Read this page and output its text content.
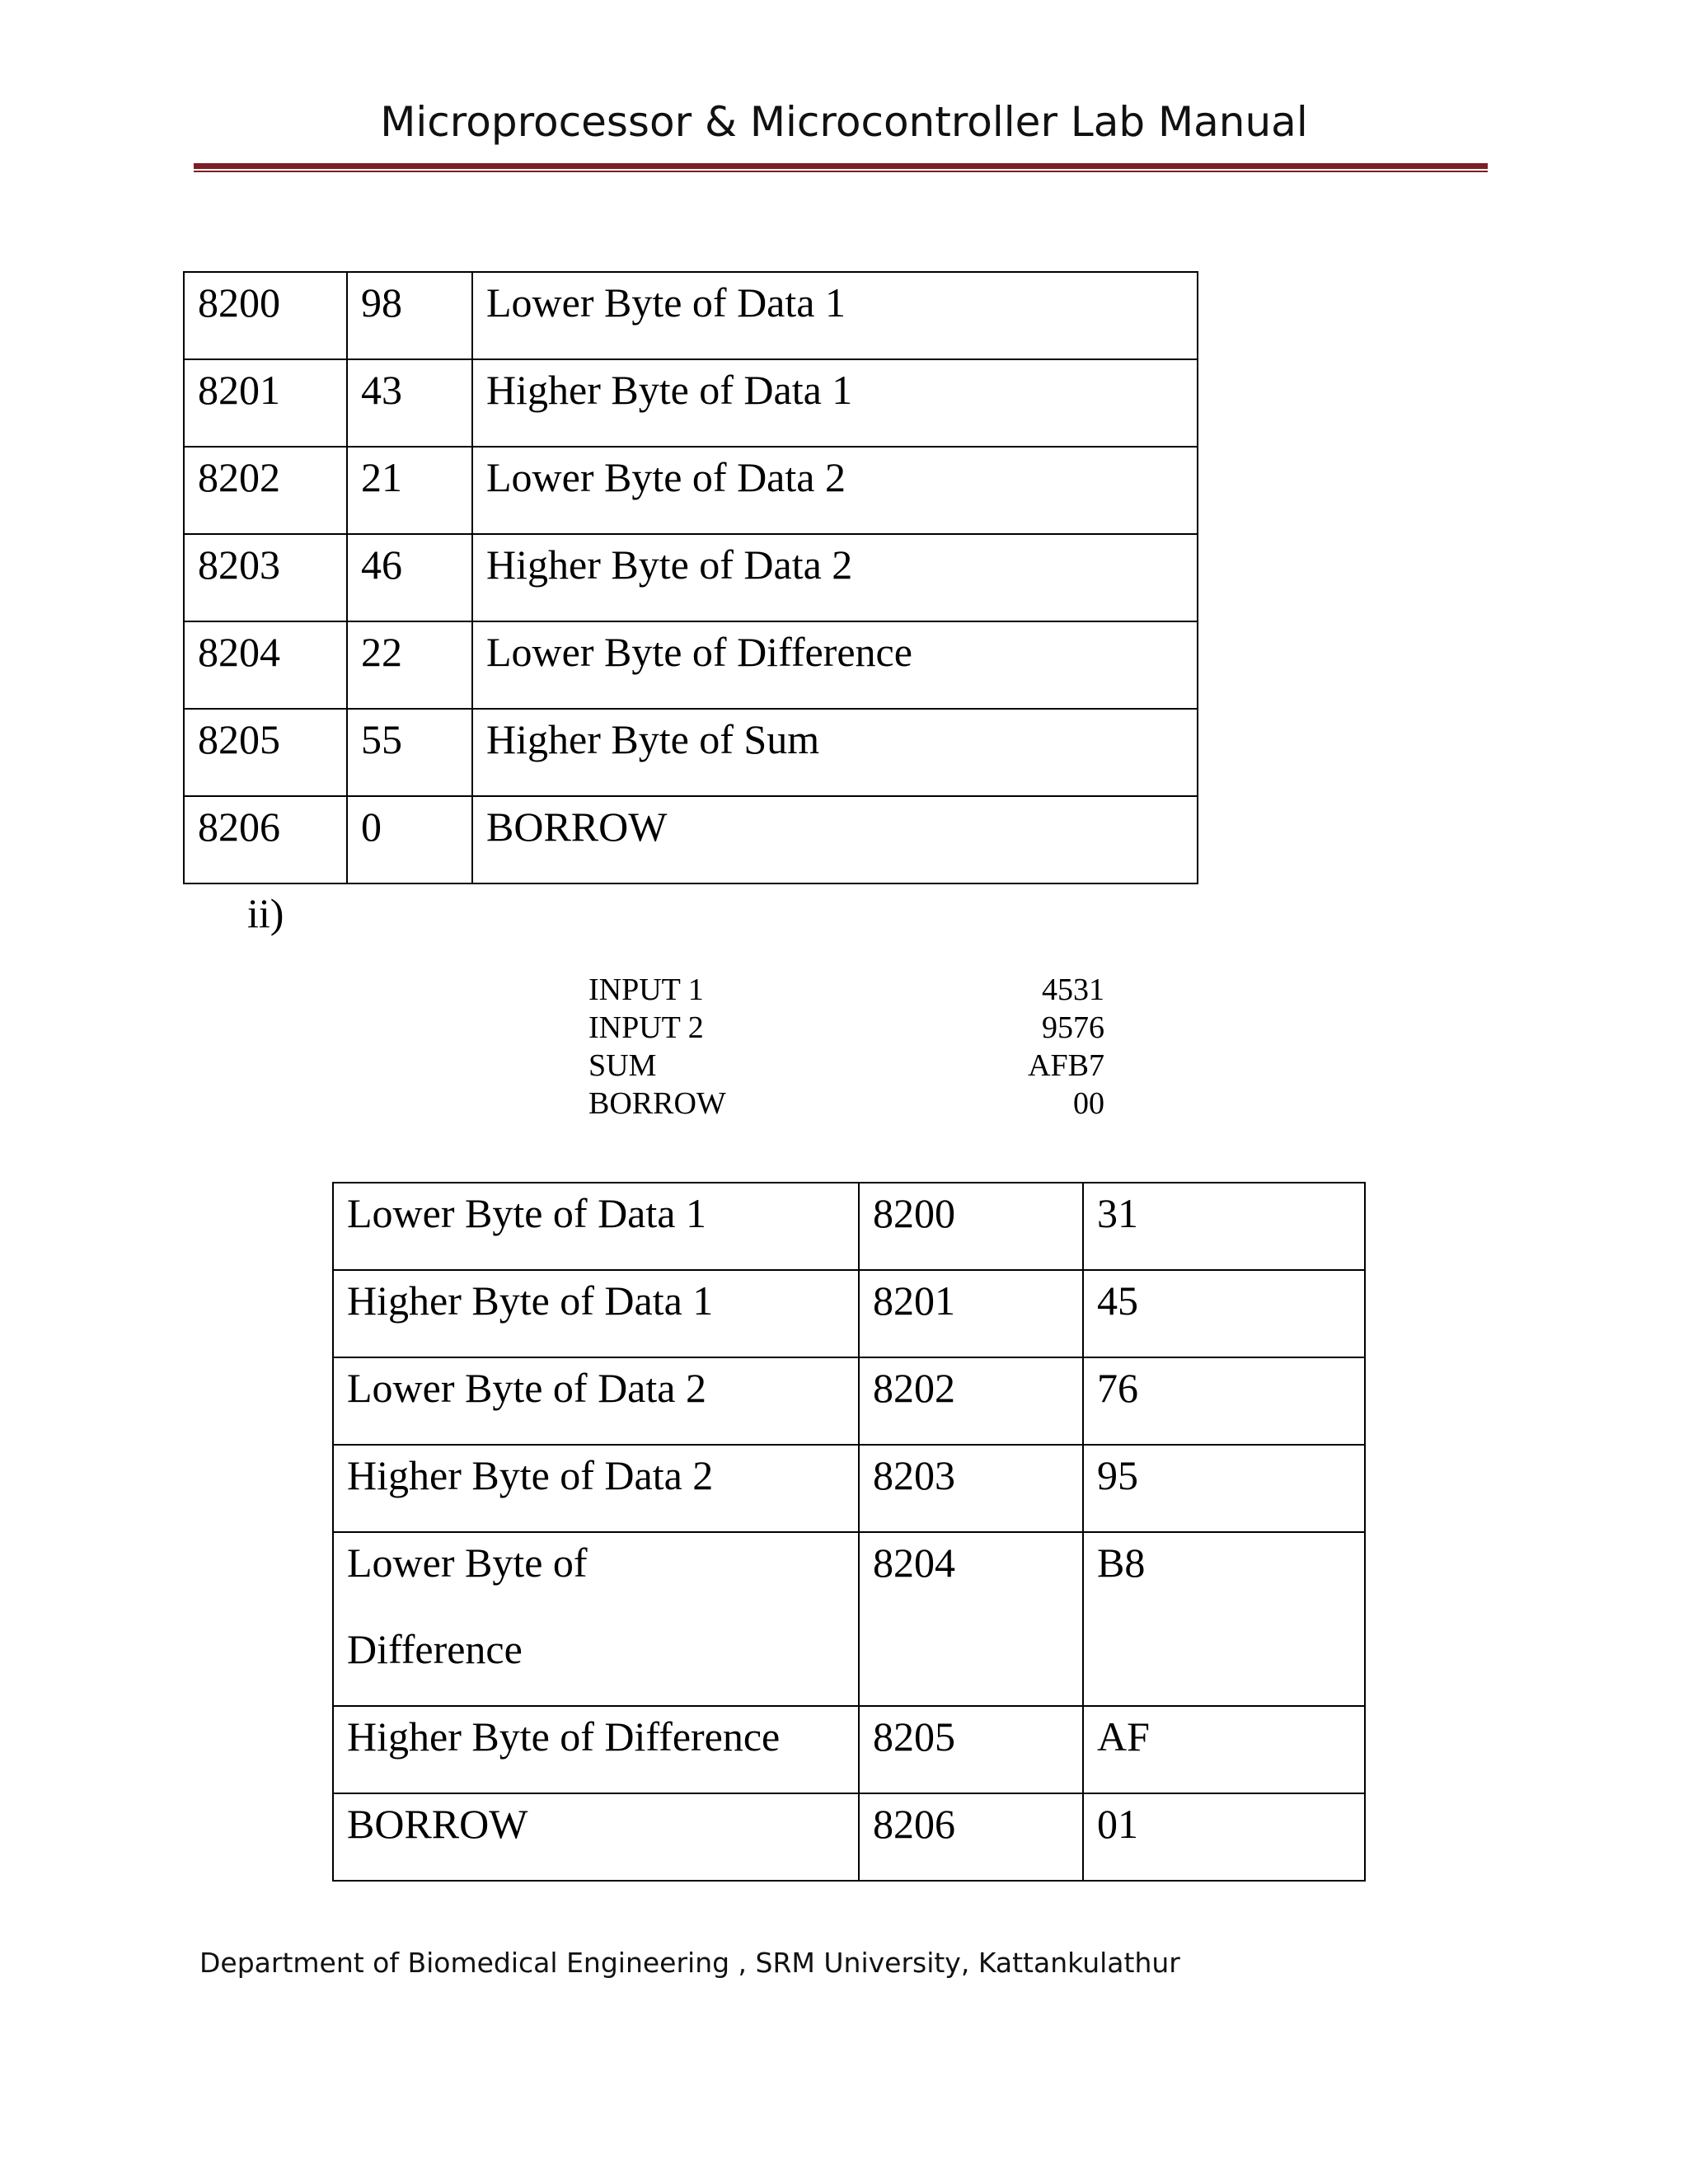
Microprocessor & Microcontroller Lab Manual
8200	98	Lower Byte of Data 1
8201	43	Higher Byte of Data 1
8202	21	Lower Byte of Data 2
8203	46	Higher Byte of Data 2
8204	22	Lower Byte of Difference
8205	55	Higher Byte of Sum
8206	0	BORROW
ii)
INPUT 1	4531
INPUT 2	9576
SUM	AFB7
BORROW	00
Lower Byte of Data 1	8200	31
Higher Byte of Data 1	8201	45
Lower Byte of Data 2	8202	76
Higher Byte of Data 2	8203	95
Lower Byte of
Difference	8204	B8
Higher Byte of Difference	8205	AF
BORROW	8206	01
Department of Biomedical Engineering , SRM University, Kattankulathur
